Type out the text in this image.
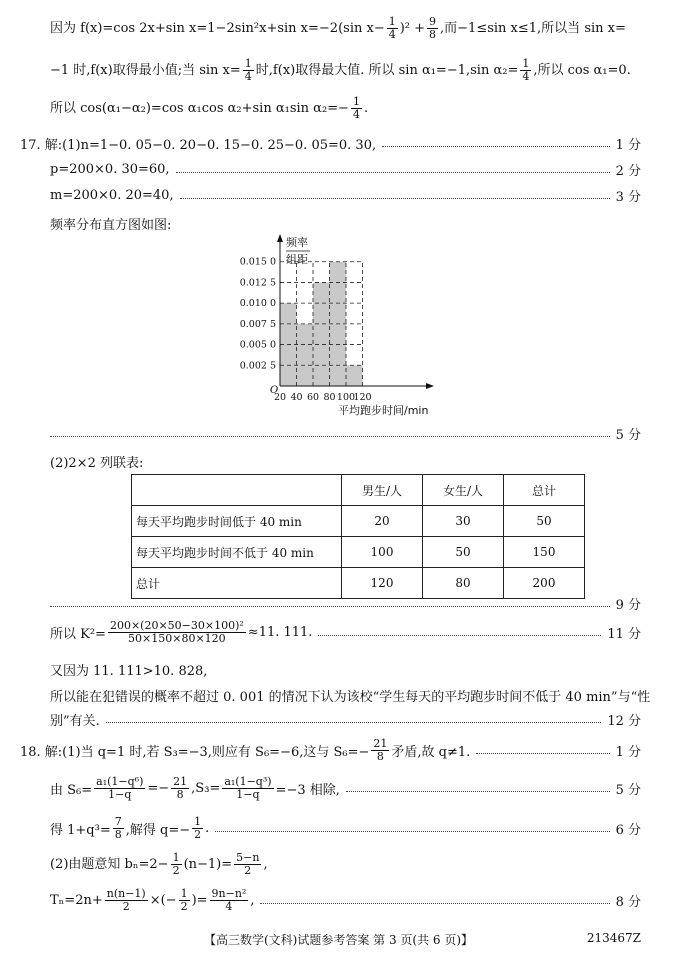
因为 f(x)=cos 2x+sin x=1−2sin²x+sin x=−2(sin $x- \frac{1}{4} )^2 + \frac{9}{8}$ ,而−1≤sin x≤1,所以当 sin x=
−1 时,f(x)取得最小值;当 $\sin x= \frac{1}{4}$ 时,f(x)取得最大值. 所以 sin α₁=−1,sin $\alpha_2= \frac{1}{4}$ ,所以 cos α₁=0.
所以 cos(α₁−α₂)=cos α₁cos α₂+sin α₁sin $\alpha_2=- \frac{1}{4}$ .
17. 解:(1)n=1−0. 05−0. 20−0. 15−0. 25−0. 05=0. 30,	1 分
p=200×0. 30=60,	2 分
m=200×0. 20=40,	3 分
频率分布直方图如图:
0.002 5
0.005 0
0.007 5
0.010 0
0.012 5
0.015 0
20 40 60 80 100
120
O
频率
组距
平均跑步时间/min
5 分
(2)2×2 列联表:
	男生/人	女生/人	总计
每天平均跑步时间低于 40 min	20	30	50
每天平均跑步时间不低于 40 min	100	50	150
总计	120	80	200
9 分
所以 $K^2= \frac{\text{200×(20×50−30×100)²}}{50\times 150\times 80\times 120} \approx 11$. 111.	11 分
又因为 11. 111>10. 828,
所以能在犯错误的概率不超过 0. 001 的情况下认为该校“学生每天的平均跑步时间不低于 40 min”与“性
别”有关.	12 分
18. 解:(1)当 q=1 时,若 S₃=−3,则应有 S₆=−6,这与 $S_6=- \frac{21}{8}$ 矛盾,故 q≠1.	1 分
由 $S_6= \frac{\text{a₁(1−q⁶)}}{1-q} =- \frac{21}{8} ,S_3= \frac{\text{a₁(1−q³)}}{1-q} =-3$ 相除,	5 分
得 $1+q^3= \frac{7}{8}$ ,解得 $q=- \frac{1}{2}$ .	6 分
(2)由题意知 $b_n=2- \frac{1}{2} (n-1)= \frac{5-n}{2}$ ,
$T_n=2n+ \frac{n(n-1)}{2}$ ×(− $\frac{1}{2}$ )= $\frac{\text{9n−n²}}{4}$ ,	8 分
【高三数学(文科)试题参考答案 第 3 页(共 6 页)】	213467Z
